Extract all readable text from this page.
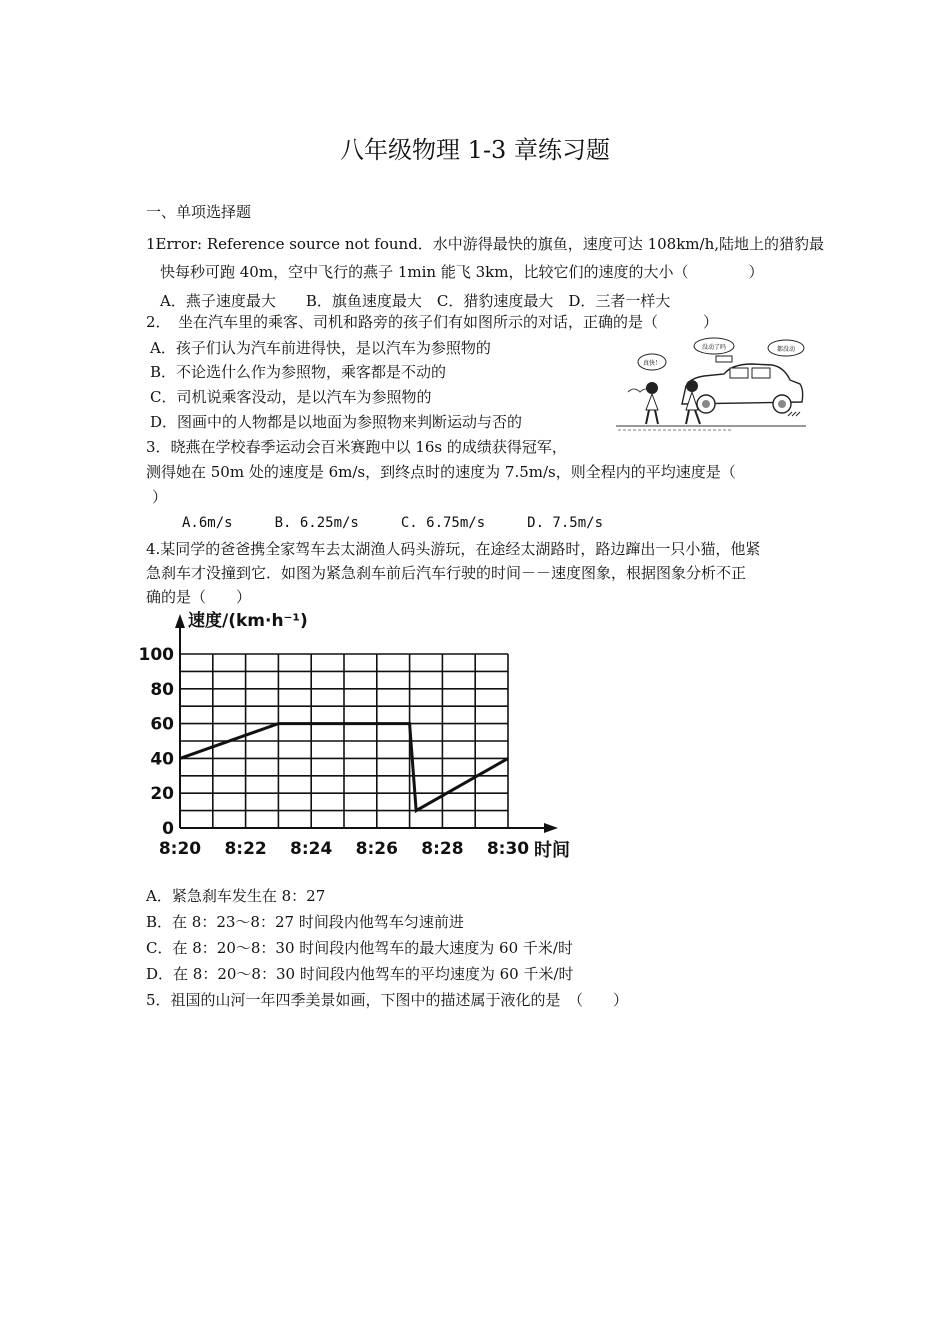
八年级物理 1-3 章练习题
一、单项选择题
1Error: Reference source not found．水中游得最快的旗鱼，速度可达 108km/h,陆地上的猎豹最
快每秒可跑 40m，空中飞行的燕子 1min 能飞 3km，比较它们的速度的大小（　　　　）
A．燕子速度最大　　B．旗鱼速度最大　C．猎豹速度最大　D．三者一样大
2．　坐在汽车里的乘客、司机和路旁的孩子们有如图所示的对话，正确的是（　　　）
A．孩子们认为汽车前进得快，是以汽车为参照物的
B．不论选什么作为参照物，乘客都是不动的
C．司机说乘客没动，是以汽车为参照物的
D．图画中的人物都是以地面为参照物来判断运动与否的
真快！
没动了吗	都没动
3．晓燕在学校春季运动会百米赛跑中以 16s 的成绩获得冠军，
测得她在 50m 处的速度是 6m/s，到终点时的速度为 7.5m/s，则全程内的平均速度是（
）
A.6m/s　　　B. 6.25m/s　　　C. 6.75m/s　　　D. 7.5m/s
4.某同学的爸爸携全家驾车去太湖渔人码头游玩，在途经太湖路时，路边蹿出一只小猫，他紧
急刹车才没撞到它．如图为紧急刹车前后汽车行驶的时间－－速度图象，根据图象分析不正
确的是（　　）
0
20
40
60
80
100
8:20 8:22 8:24 8:26 8:28 8:30
速度/(km·h⁻¹)
时间
A．紧急刹车发生在 8：27
B．在 8：23～8：27 时间段内他驾车匀速前进
C．在 8：20～8：30 时间段内他驾车的最大速度为 60 千米/时
D．在 8：20～8：30 时间段内他驾车的平均速度为 60 千米/时
5．祖国的山河一年四季美景如画，下图中的描述属于液化的是　（　　）
